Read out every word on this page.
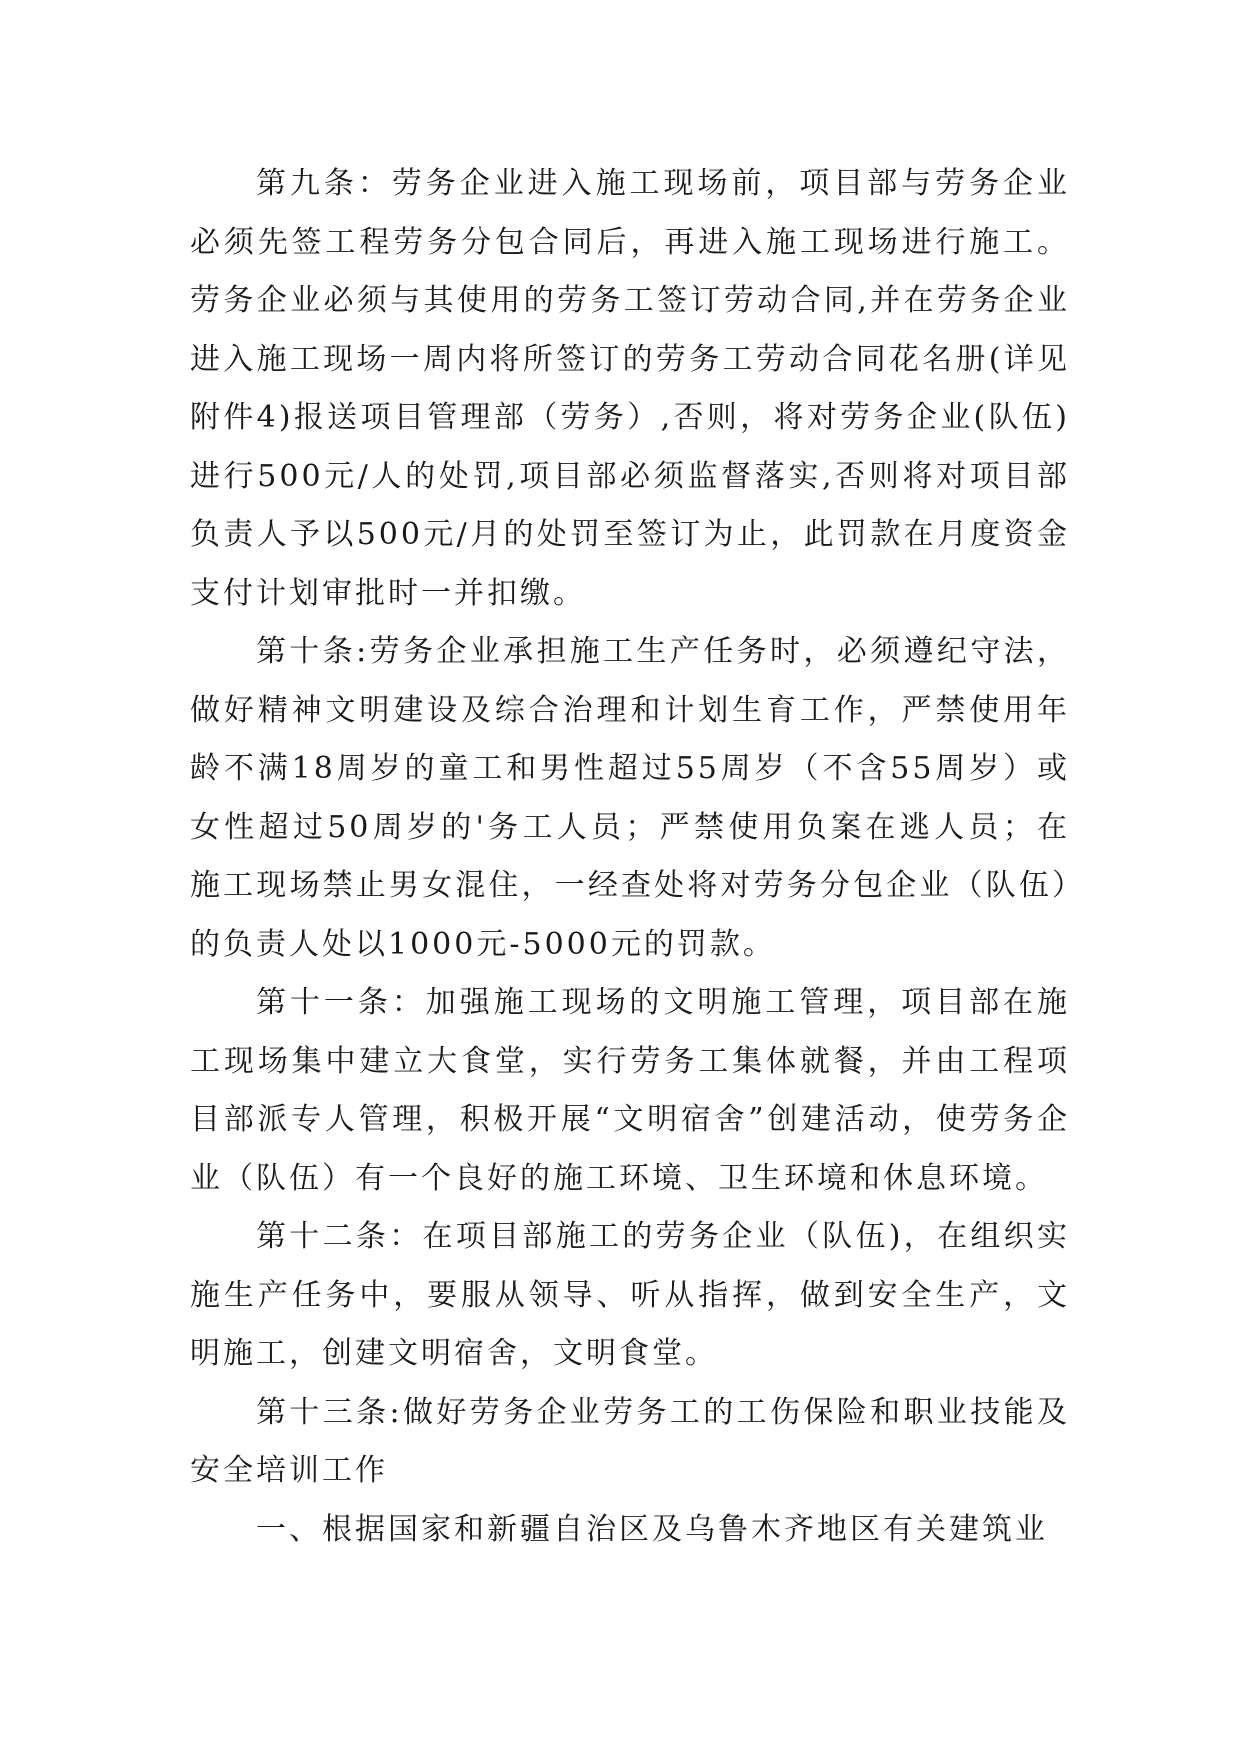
第九条：劳务企业进入施工现场前，项目部与劳务企业必须先签工程劳务分包合同后，再进入施工现场进行施工。劳务企业必须与其使用的劳务工签订劳动合同,并在劳务企业进入施工现场一周内将所签订的劳务工劳动合同花名册(详见附件4)报送项目管理部（劳务）,否则，将对劳务企业(队伍)进行500元/人的处罚,项目部必须监督落实,否则将对项目部负责人予以500元/月的处罚至签订为止，此罚款在月度资金支付计划审批时一并扣缴。

第十条:劳务企业承担施工生产任务时，必须遵纪守法，做好精神文明建设及综合治理和计划生育工作，严禁使用年龄不满18周岁的童工和男性超过55周岁（不含55周岁）或女性超过50周岁的'务工人员；严禁使用负案在逃人员；在施工现场禁止男女混住，一经查处将对劳务分包企业（队伍）的负责人处以1000元-5000元的罚款。

第十一条：加强施工现场的文明施工管理，项目部在施工现场集中建立大食堂，实行劳务工集体就餐，并由工程项目部派专人管理，积极开展“文明宿舍”创建活动，使劳务企业（队伍）有一个良好的施工环境、卫生环境和休息环境。

第十二条：在项目部施工的劳务企业（队伍)，在组织实施生产任务中，要服从领导、听从指挥，做到安全生产，文明施工，创建文明宿舍，文明食堂。

第十三条:做好劳务企业劳务工的工伤保险和职业技能及安全培训工作

一、根据国家和新疆自治区及乌鲁木齐地区有关建筑业
